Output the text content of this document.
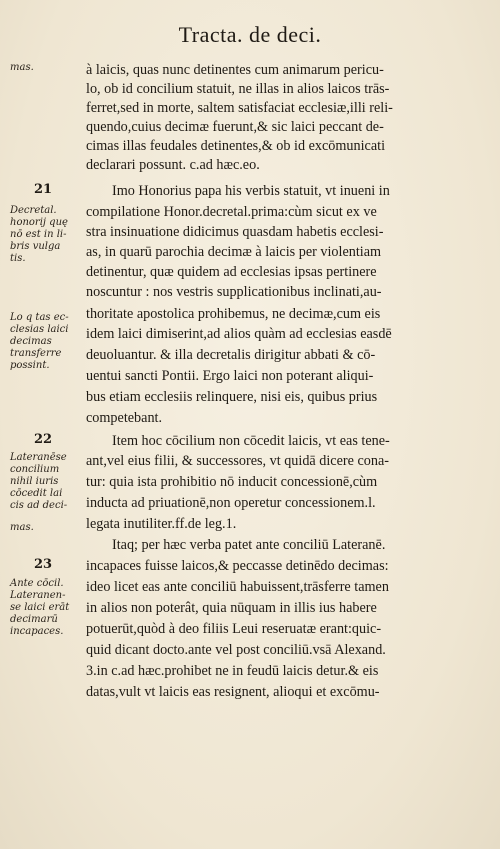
Tracta. de deci.
mas.	à laicis, quas nunc detinentes cum animarum pericu-
lo, ob id concilium statuit, ne illas in alios laicos trās-
ferret,sed in morte, saltem satisfaciat ecclesiæ,illi reli-
quendo,cuius decimæ fuerunt,& sic laici peccant de-
cimas illas feudales detinentes,& ob id excōmunicati
declarari possunt. c.ad hæc.eo.
21
Decretal.
honorij quę
nō est in li-
bris vulga
tis.
Imo Honorius papa his verbis statuit, vt inueni in
compilatione Honor.decretal.prima:cùm sicut ex ve
stra insinuatione didicimus quasdam habetis ecclesi-
as, in quarū parochia decimæ à laicis per violentiam
detinentur, quæ quidem ad ecclesias ipsas pertinere
noscuntur : nos vestris supplicationibus inclinati,au-
Lo q tas ec-
clesias laici
decimas
transferre
possint.
thoritate apostolica prohibemus, ne decimæ,cum eis
idem laici dimiserint,ad alios quàm ad ecclesias easdē
deuoluantur. & illa decretalis dirigitur abbati & cō-
uentui sancti Pontii. Ergo laici non poterant aliqui-
bus etiam ecclesiis relinquere, nisi eis, quibus prius
competebant.
22
Lateranēse
concilium
nihil iuris
cōcedit lai
cis ad deci-
mas.
Item hoc cōcilium non cōcedit laicis, vt eas tene-
ant,vel eius filii, & successores, vt quidā dicere cona-
tur: quia ista prohibitio nō inducit concessionē,cùm
inducta ad priuationē,non operetur concessionem.l.
legata inutiliter.ff.de leg.1.
Itaq; per hæc verba patet ante conciliū Lateranē.
23
Ante cōcil.
Lateranen-
se laici erāt
decimarū
incapaces.
incapaces fuisse laicos,& peccasse detinēdo decimas:
ideo licet eas ante conciliū habuissent,trāsferre tamen
in alios non poterât, quia nūquam in illis ius habere
potuerūt,quòd à deo filiis Leui reseruatæ erant:quic-
quid dicant docto.ante vel post conciliū.vsā Alexand.
3.in c.ad hæc.prohibet ne in feudū laicis detur.& eis
datas,vult vt laicis eas resignent, alioqui et excōmu-
